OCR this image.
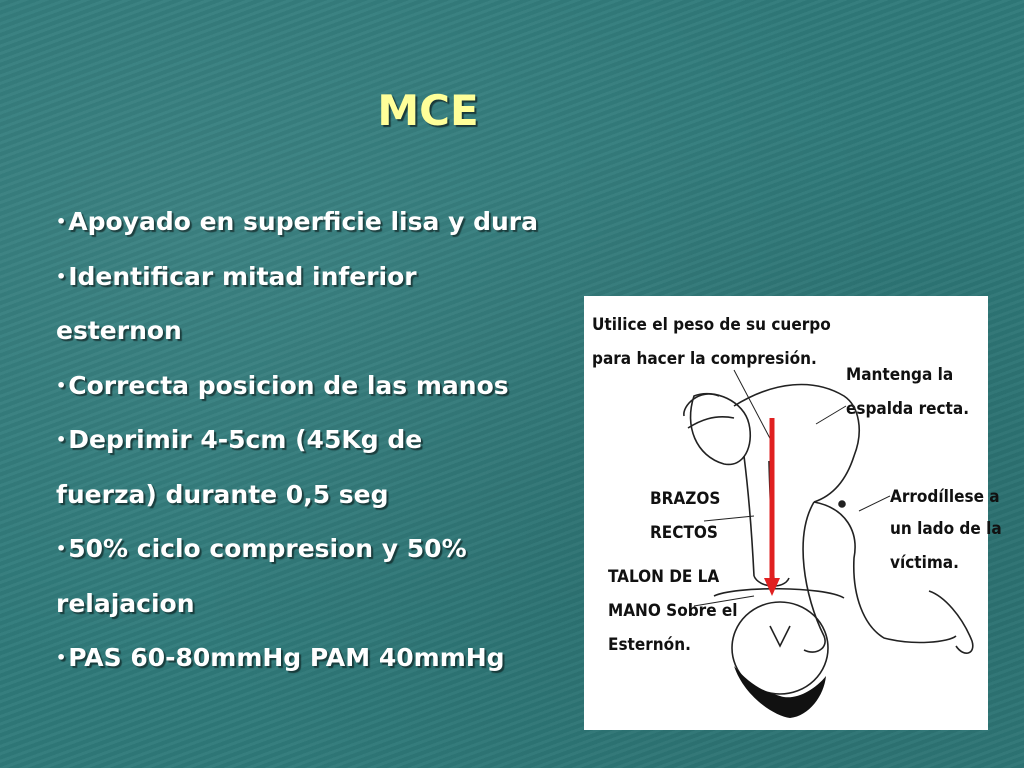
MCE
•Apoyado en superficie lisa y dura
•Identificar mitad inferior
esternon
•Correcta posicion de las manos
•Deprimir 4-5cm (45Kg de
fuerza) durante 0,5 seg
•50% ciclo compresion y 50%
relajacion
•PAS 60-80mmHg PAM 40mmHg
Utilice el peso de su cuerpo
para hacer la compresión.
Mantenga la
espalda recta.
BRAZOS
RECTOS
Arrodíllese a
un lado de la
víctima.
TALON DE LA
MANO Sobre el
Esternón.
